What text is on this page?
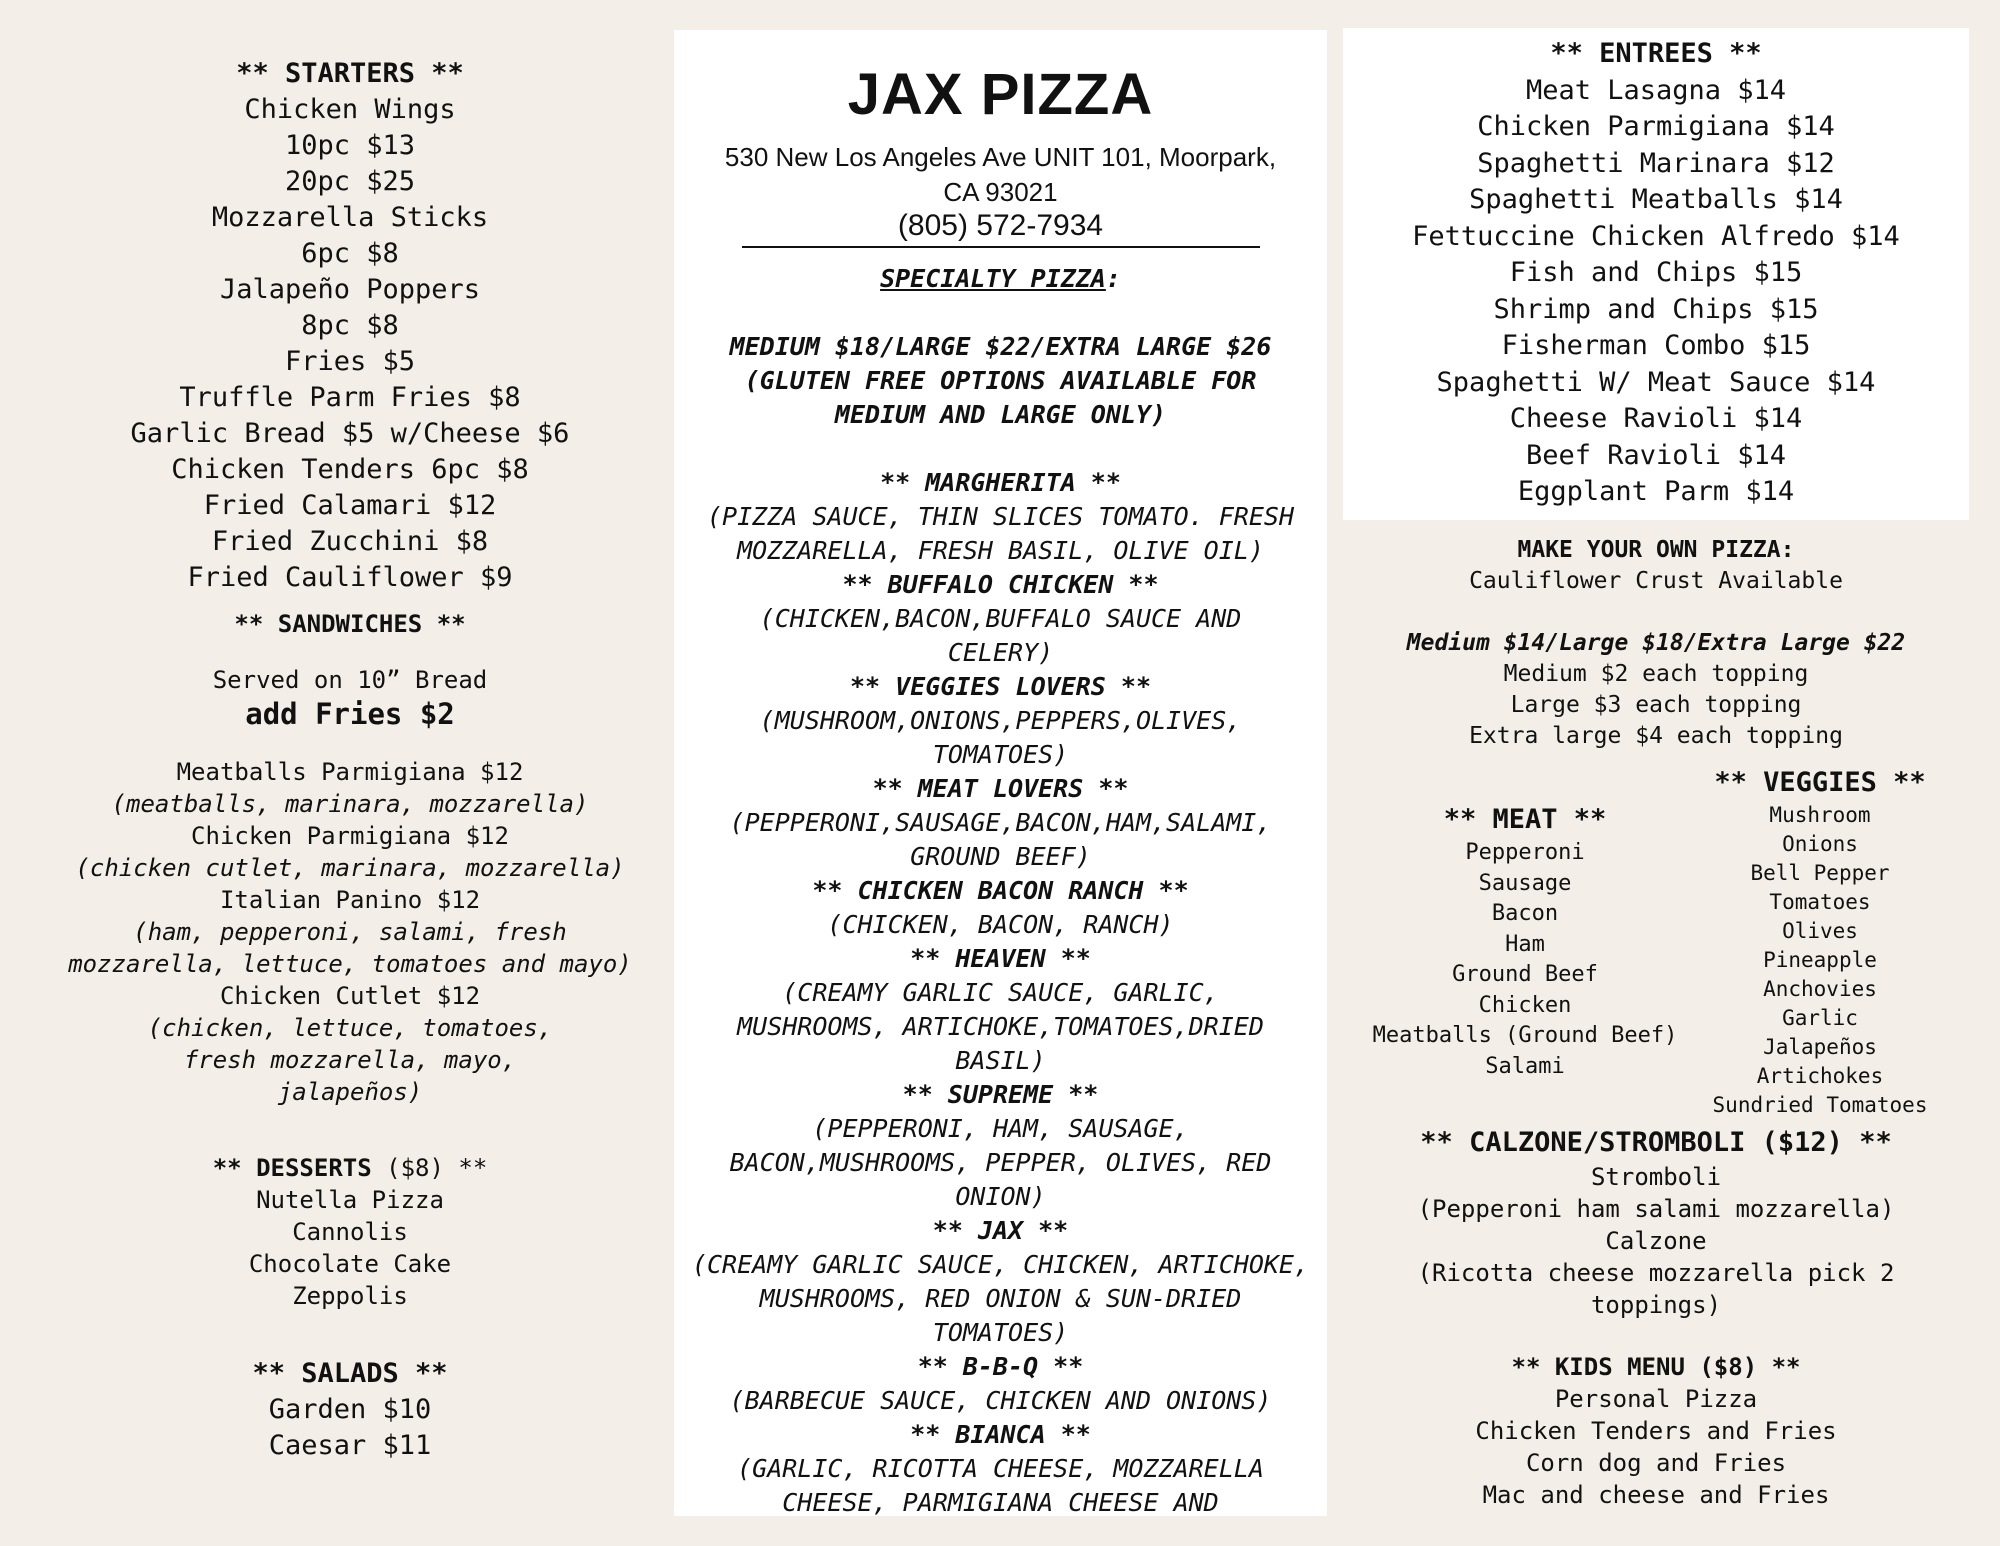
** STARTERS **
Chicken Wings
10pc $13
20pc $25
Mozzarella Sticks
6pc $8
Jalapeño Poppers
8pc $8
Fries $5
Truffle Parm Fries $8
Garlic Bread $5 w/Cheese $6
Chicken Tenders 6pc $8
Fried Calamari $12
Fried Zucchini $8
Fried Cauliflower $9
** SANDWICHES **
Served on 10” Bread
add Fries $2
Meatballs Parmigiana $12
(meatballs, marinara, mozzarella)
Chicken Parmigiana $12
(chicken cutlet, marinara, mozzarella)
Italian Panino $12
(ham, pepperoni, salami, fresh mozzarella, lettuce, tomatoes and mayo)
Chicken Cutlet $12
(chicken, lettuce, tomatoes, fresh mozzarella, mayo, jalapeños)
** DESSERTS ($8) **
Nutella Pizza
Cannolis
Chocolate Cake
Zeppolis
** SALADS **
Garden $10
Caesar $11
JAX PIZZA
530 New Los Angeles Ave UNIT 101, Moorpark,
CA 93021
(805) 572-7934
SPECIALTY PIZZA:
MEDIUM $18/LARGE $22/EXTRA LARGE $26 (GLUTEN FREE OPTIONS AVAILABLE FOR MEDIUM AND LARGE ONLY)
** MARGHERITA **
(PIZZA SAUCE, THIN SLICES TOMATO. FRESH MOZZARELLA, FRESH BASIL, OLIVE OIL)
** BUFFALO CHICKEN **
(CHICKEN,BACON,BUFFALO SAUCE AND CELERY)
** VEGGIES LOVERS **
(MUSHROOM,ONIONS,PEPPERS,OLIVES, TOMATOES)
** MEAT LOVERS **
(PEPPERONI,SAUSAGE,BACON,HAM,SALAMI, GROUND BEEF)
** CHICKEN BACON RANCH **
(CHICKEN, BACON, RANCH)
** HEAVEN **
(CREAMY GARLIC SAUCE, GARLIC, MUSHROOMS, ARTICHOKE,TOMATOES,DRIED BASIL)
** SUPREME **
(PEPPERONI, HAM, SAUSAGE, BACON,MUSHROOMS, PEPPER, OLIVES, RED ONION)
** JAX **
(CREAMY GARLIC SAUCE, CHICKEN, ARTICHOKE, MUSHROOMS, RED ONION & SUN-DRIED TOMATOES)
** B-B-Q **
(BARBECUE SAUCE, CHICKEN AND ONIONS)
** BIANCA **
(GARLIC, RICOTTA CHEESE, MOZZARELLA CHEESE, PARMIGIANA CHEESE AND
** ENTREES **
Meat Lasagna $14
Chicken Parmigiana $14
Spaghetti Marinara $12
Spaghetti Meatballs $14
Fettuccine Chicken Alfredo $14
Fish and Chips $15
Shrimp and Chips $15
Fisherman Combo $15
Spaghetti W/ Meat Sauce $14
Cheese Ravioli $14
Beef Ravioli $14
Eggplant Parm $14
MAKE YOUR OWN PIZZA:
Cauliflower Crust Available
Medium $14/Large $18/Extra Large $22
Medium $2 each topping
Large $3 each topping
Extra large $4 each topping
** MEAT **
Pepperoni
Sausage
Bacon
Ham
Ground Beef
Chicken
Meatballs (Ground Beef)
Salami
** VEGGIES **
Mushroom
Onions
Bell Pepper
Tomatoes
Olives
Pineapple
Anchovies
Garlic
Jalapeños
Artichokes
Sundried Tomatoes
** CALZONE/STROMBOLI ($12) **
Stromboli
(Pepperoni ham salami mozzarella)
Calzone
(Ricotta cheese mozzarella pick 2 toppings)
** KIDS MENU ($8) **
Personal Pizza
Chicken Tenders and Fries
Corn dog and Fries
Mac and cheese and Fries
